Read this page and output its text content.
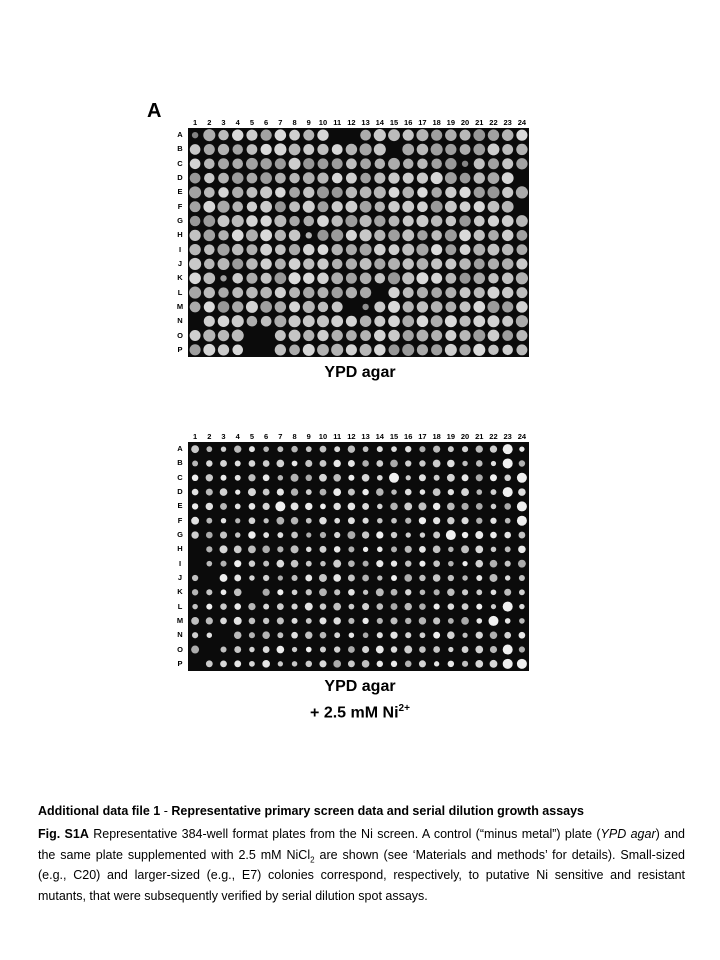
A
1	2	3	4	5	6	7	8	9	10 11 12 13 14 15 16 17 18 19 20 21 22 23 24
A
B
C
D
E
F
G
H
I
J
K
L
M
N
O
P
YPD agar
1	2	3	4	5	6	7	8	9	10 11 12 13 14 15 16 17 18 19 20 21 22 23 24
A
B
C
D
E
F
G
H
I
J
K
L
M
N
O
P
YPD agar
+ 2.5 mM $Ni^{2+}$
Additional data file 1 - Representative primary screen data and serial dilution growth assays
Fig. S1A Representative 384-well format plates from the Ni screen. A control (“minus metal”) plate (YPD agar) and the same plate supplemented with 2.5 mM NiCl$_2$ are shown (see ‘Materials and methods’ for details). Small-sized (e.g., C20) and larger-sized (e.g., E7) colonies correspond, respectively, to putative Ni sensitive and resistant mutants, that were subsequently verified by serial dilution spot assays.
